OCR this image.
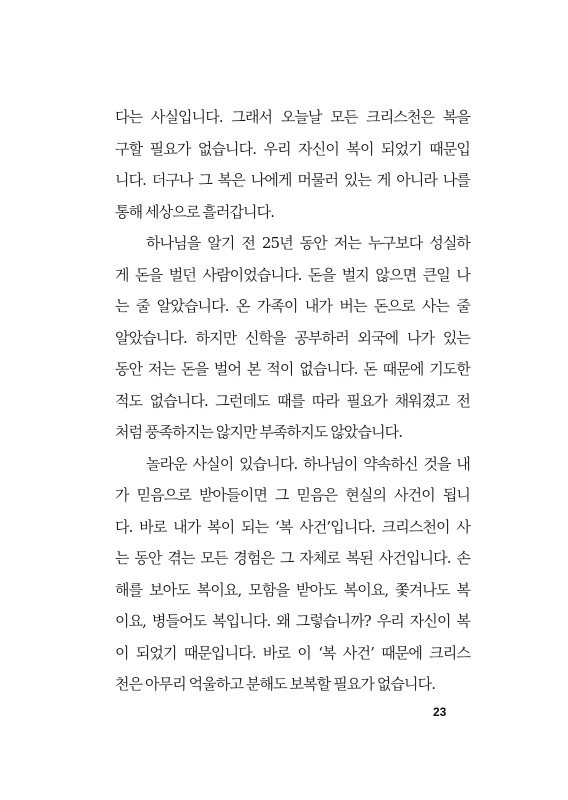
다는 사실입니다. 그래서 오늘날 모든 크리스천은 복을
구할 필요가 없습니다. 우리 자신이 복이 되었기 때문입
니다. 더구나 그 복은 나에게 머물러 있는 게 아니라 나를
통해 세상으로 흘러갑니다.
하나님을 알기 전 25년 동안 저는 누구보다 성실하
게 돈을 벌던 사람이었습니다. 돈을 벌지 않으면 큰일 나
는 줄 알았습니다. 온 가족이 내가 버는 돈으로 사는 줄
알았습니다. 하지만 신학을 공부하러 외국에 나가 있는
동안 저는 돈을 벌어 본 적이 없습니다. 돈 때문에 기도한
적도 없습니다. 그런데도 때를 따라 필요가 채워졌고 전
처럼 풍족하지는 않지만 부족하지도 않았습니다.
놀라운 사실이 있습니다. 하나님이 약속하신 것을 내
가 믿음으로 받아들이면 그 믿음은 현실의 사건이 됩니
다. 바로 내가 복이 되는 ‘복 사건’입니다. 크리스천이 사
는 동안 겪는 모든 경험은 그 자체로 복된 사건입니다. 손
해를 보아도 복이요, 모함을 받아도 복이요, 쫓겨나도 복
이요, 병들어도 복입니다. 왜 그렇습니까? 우리 자신이 복
이 되었기 때문입니다. 바로 이 ‘복 사건’ 때문에 크리스
천은 아무리 억울하고 분해도 보복할 필요가 없습니다.
23
